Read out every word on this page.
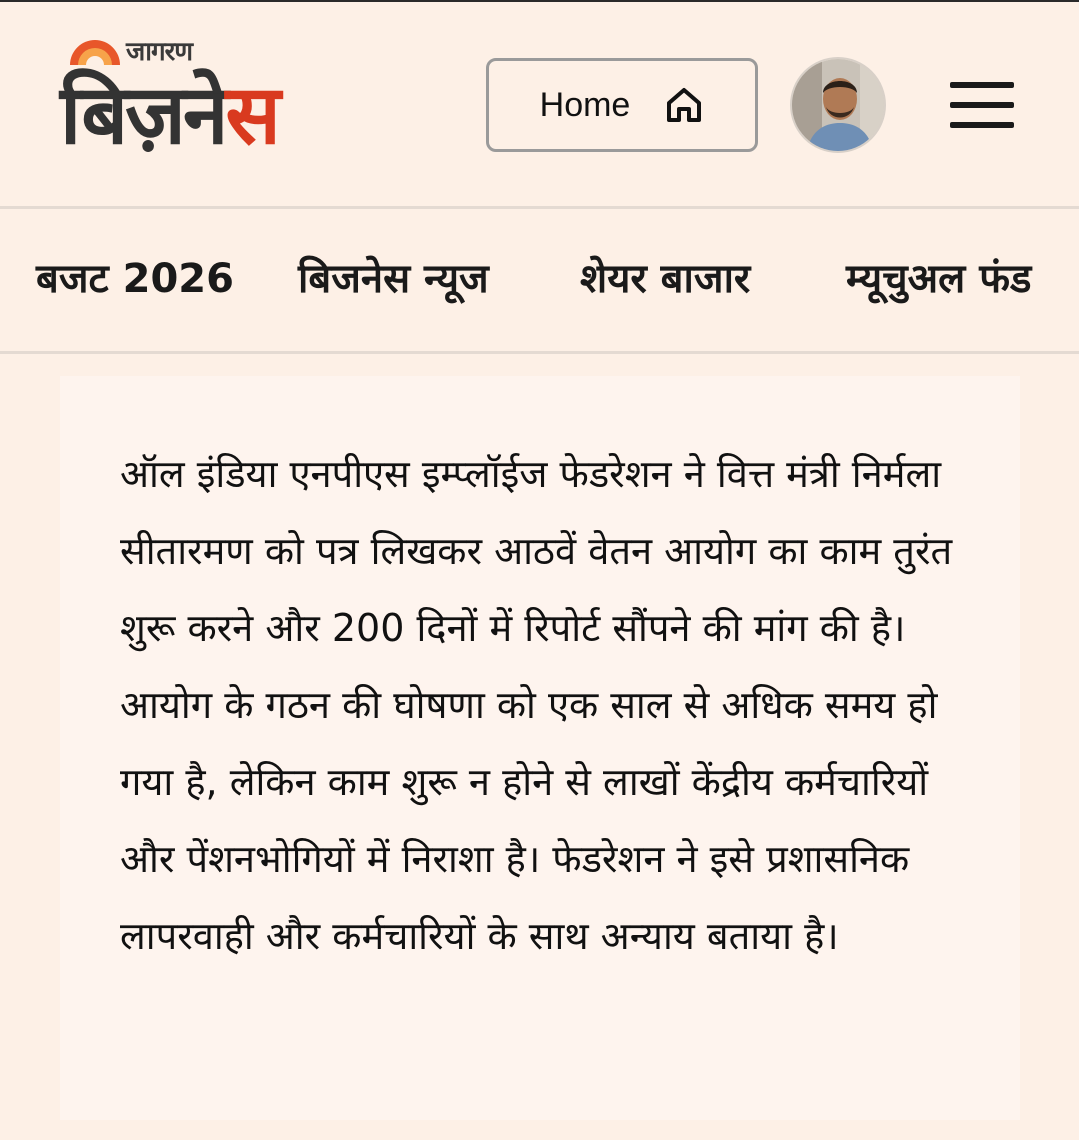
जागरण
बिज़नेस	Home
बजट 2026 बिजनेस न्यूज शेयर बाजार म्यूचुअल फंड

ऑल इंडिया एनपीएस इम्प्लॉईज फेडरेशन ने वित्त मंत्री निर्मला सीतारमण को पत्र लिखकर आठवें वेतन आयोग का काम तुरंत शुरू करने और 200 दिनों में रिपोर्ट सौंपने की मांग की है। आयोग के गठन की घोषणा को एक साल से अधिक समय हो गया है, लेकिन काम शुरू न होने से लाखों केंद्रीय कर्मचारियों और पेंशनभोगियों में निराशा है। फेडरेशन ने इसे प्रशासनिक लापरवाही और कर्मचारियों के साथ अन्याय बताया है।
